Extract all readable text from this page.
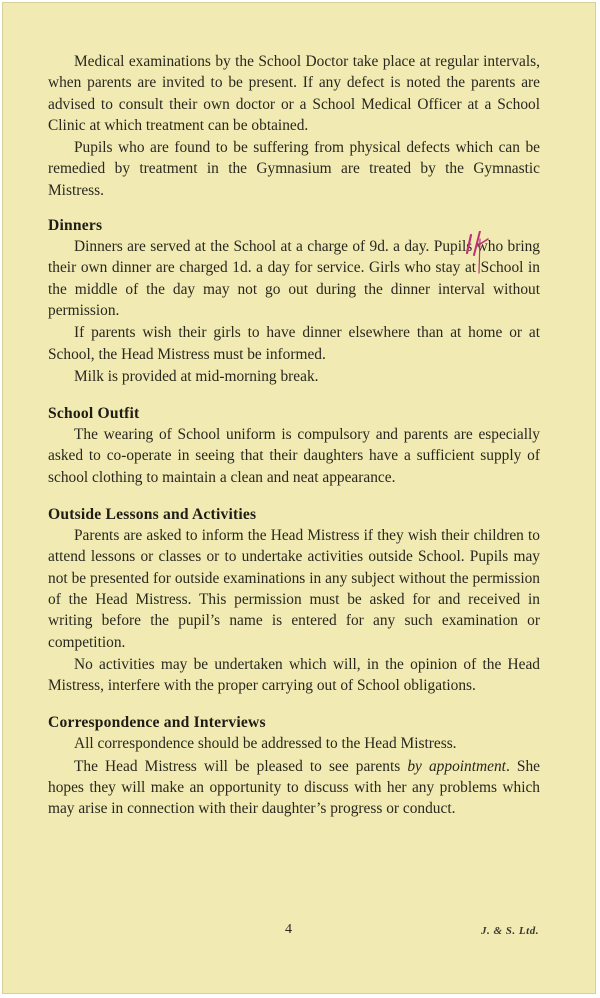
Medical examinations by the School Doctor take place at regular intervals, when parents are invited to be present. If any defect is noted the parents are advised to consult their own doctor or a School Medical Officer at a School Clinic at which treatment can be obtained.

Pupils who are found to be suffering from physical defects which can be remedied by treatment in the Gymnasium are treated by the Gymnastic Mistress.

Dinners

Dinners are served at the School at a charge of 9d. a day. Pupils who bring their own dinner are charged 1d. a day for service. Girls who stay at School in the middle of the day may not go out during the dinner interval without permission.

If parents wish their girls to have dinner elsewhere than at home or at School, the Head Mistress must be informed.

Milk is provided at mid-morning break.

School Outfit

The wearing of School uniform is compulsory and parents are especially asked to co-operate in seeing that their daughters have a sufficient supply of school clothing to maintain a clean and neat appearance.

Outside Lessons and Activities

Parents are asked to inform the Head Mistress if they wish their children to attend lessons or classes or to undertake activities outside School. Pupils may not be presented for outside examinations in any subject without the permission of the Head Mistress. This permission must be asked for and received in writing before the pupil’s name is entered for any such examination or competition.

No activities may be undertaken which will, in the opinion of the Head Mistress, interfere with the proper carrying out of School obligations.

Correspondence and Interviews

All correspondence should be addressed to the Head Mistress.

The Head Mistress will be pleased to see parents by appointment. She hopes they will make an opportunity to discuss with her any problems which may arise in connection with their daughter’s progress or conduct.

4	J. & S. Ltd.
